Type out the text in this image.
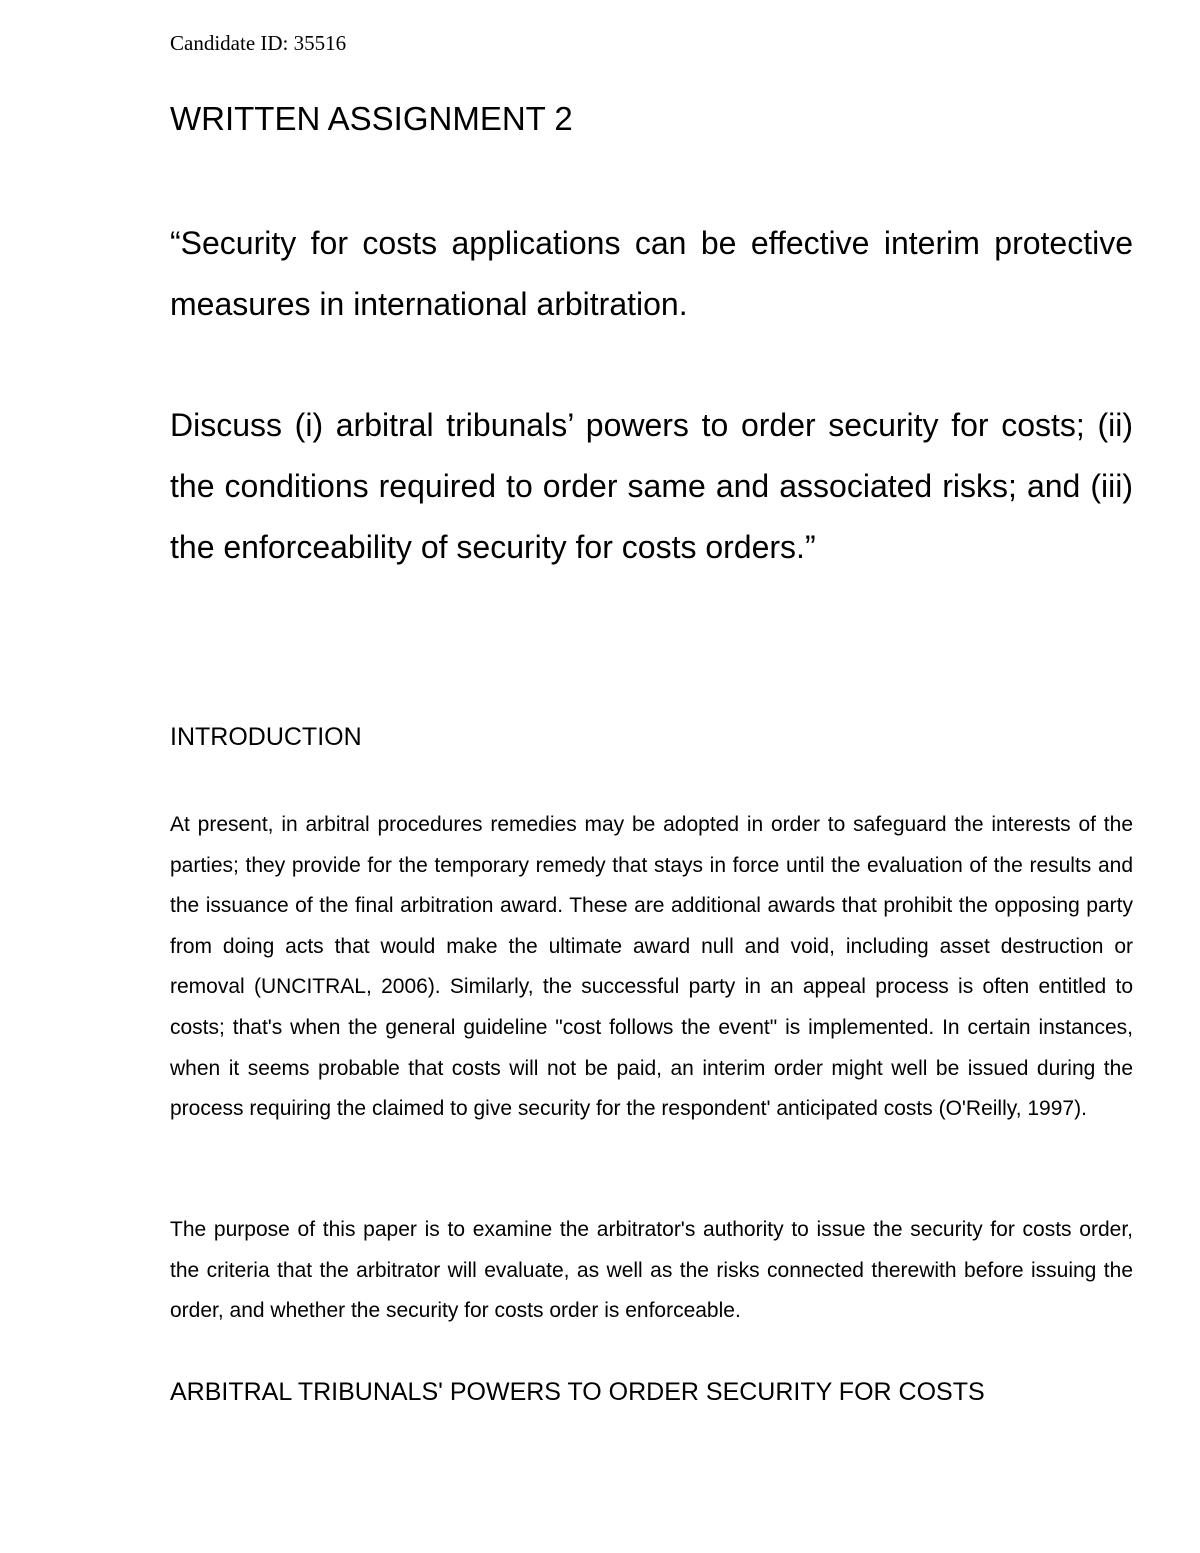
Candidate ID: 35516
WRITTEN ASSIGNMENT 2

“Security for costs applications can be effective interim protective measures in international arbitration.

Discuss (i) arbitral tribunals’ powers to order security for costs; (ii) the conditions required to order same and associated risks; and (iii) the enforceability of security for costs orders.”

INTRODUCTION

At present, in arbitral procedures remedies may be adopted in order to safeguard the interests of the parties; they provide for the temporary remedy that stays in force until the evaluation of the results and the issuance of the final arbitration award. These are additional awards that prohibit the opposing party from doing acts that would make the ultimate award null and void, including asset destruction or removal (UNCITRAL, 2006). Similarly, the successful party in an appeal process is often entitled to costs; that's when the general guideline "cost follows the event" is implemented. In certain instances, when it seems probable that costs will not be paid, an interim order might well be issued during the process requiring the claimed to give security for the respondent' anticipated costs (O'Reilly, 1997).

The purpose of this paper is to examine the arbitrator's authority to issue the security for costs order, the criteria that the arbitrator will evaluate, as well as the risks connected therewith before issuing the order, and whether the security for costs order is enforceable.

ARBITRAL TRIBUNALS' POWERS TO ORDER SECURITY FOR COSTS
